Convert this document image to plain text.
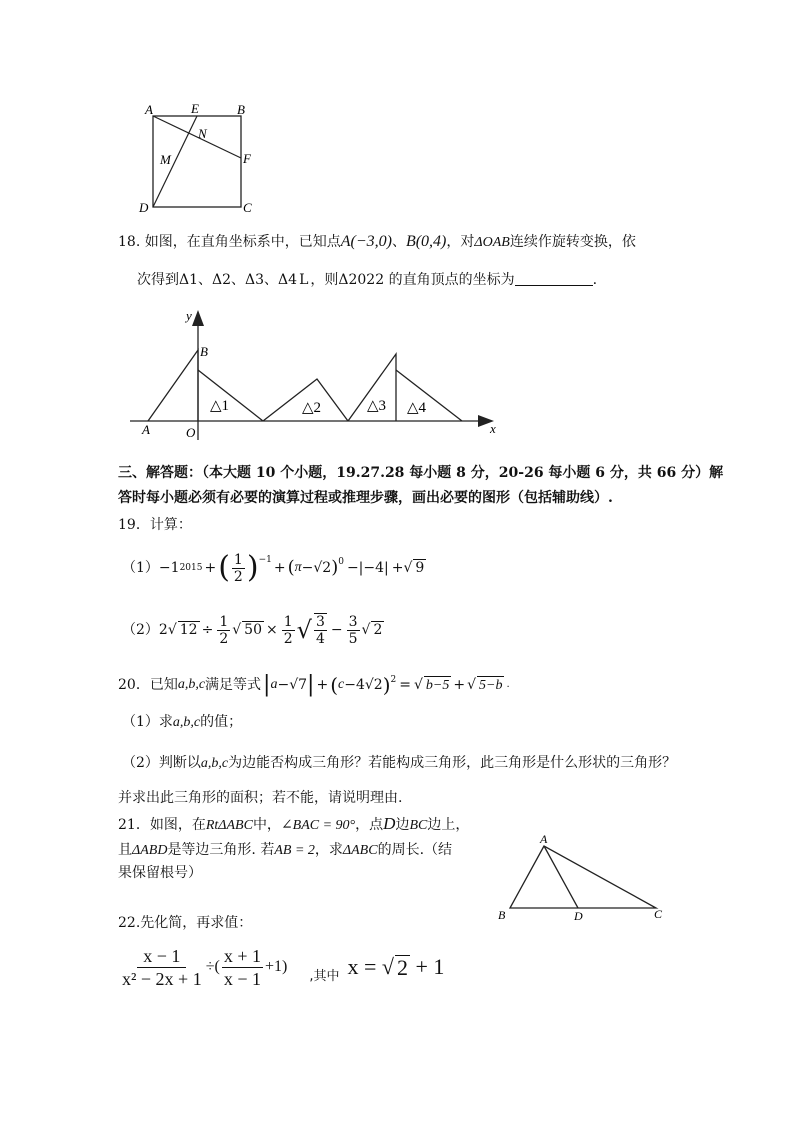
A	E	B
N
M	F
D	C
18. 如图，在直角坐标系中，已知点A(−3,0)、B(0,4)，对ΔOAB连续作旋转变换，依
次得到Δ1、Δ2、Δ3、Δ4 L ，则Δ2022 的直角顶点的坐标为	.
y
B
A	O	x
△1	△2	△3 △4
三、解答题：（本大题 10 个小题，19.27.28 每小题 8 分，20-26 每小题 6 分，共 66 分）解
答时每小题必须有必要的演算过程或推理步骤，画出必要的图形（包括辅助线）.
19．计算：
（1） −1 2015 + ( $\frac{1}{2} )^{-1}$ + ( π −√2 )$^0$ −|−4| +√ 9
（2） 2 √ $12 \div \frac{1}{2}$ √ $50 \times \frac{1}{2}$ √ $\frac{3}{4} - \frac{3}{5}$ √ 2
20．已知 a,b,c 满足等式 | a −√7 | + ( c −4√2 )$^2$ = √ b−5 + √ 5−b .
（1）求a,b,c的值；
（2）判断以a,b,c为边能否构成三角形？若能构成三角形，此三角形是什么形状的三角形？
并求出此三角形的面积；若不能，请说明理由.
21．如图，在RtΔABC中，∠BAC = 90°，点D边BC边上，
且ΔABD是等边三角形. 若AB = 2，求ΔABC的周长.（结
果保留根号）
A
B	D	C
22.先化简，再求值：
$\frac{x - 1}{\text{x² − 2x + 1}}$ ÷( $\frac{x + 1}{x - 1} +1$)
,其中 x = √ 2 + 1
